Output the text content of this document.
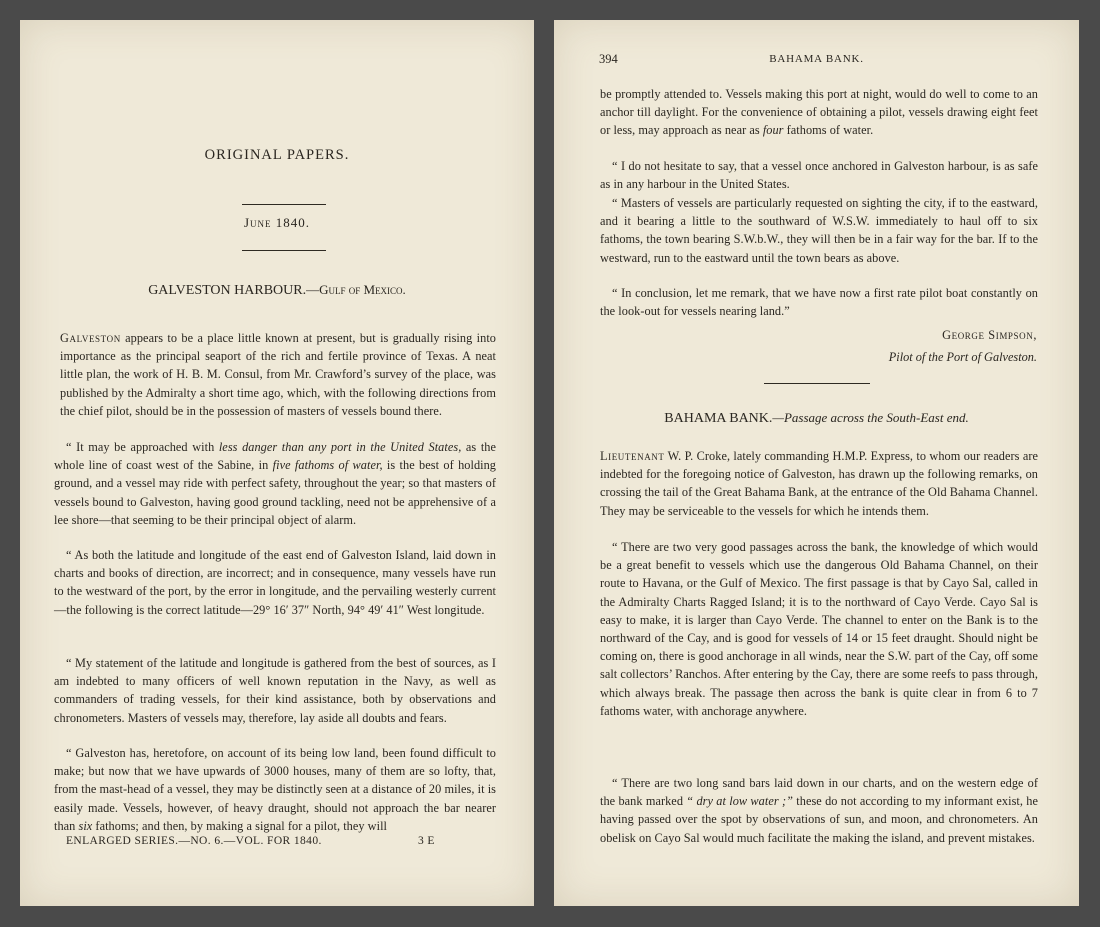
ORIGINAL PAPERS.
June 1840.
GALVESTON HARBOUR.—Gulf of Mexico.

Galveston appears to be a place little known at present, but is gradually rising into importance as the principal seaport of the rich and fertile province of Texas. A neat little plan, the work of H. B. M. Consul, from Mr. Crawford’s survey of the place, was published by the Admiralty a short time ago, which, with the following directions from the chief pilot, should be in the possession of masters of vessels bound there.

“ It may be approached with less danger than any port in the United States, as the whole line of coast west of the Sabine, in five fathoms of water, is the best of holding ground, and a vessel may ride with perfect safety, throughout the year; so that masters of vessels bound to Galveston, having good ground tackling, need not be apprehensive of a lee shore—that seeming to be their principal object of alarm.

“ As both the latitude and longitude of the east end of Galveston Island, laid down in charts and books of direction, are incorrect; and in consequence, many vessels have run to the westward of the port, by the error in longitude, and the pervailing westerly current—the following is the correct latitude—29° 16′ 37″ North, 94° 49′ 41″ West longitude.

“ My statement of the latitude and longitude is gathered from the best of sources, as I am indebted to many officers of well known reputation in the Navy, as well as commanders of trading vessels, for their kind assistance, both by observations and chronometers. Masters of vessels may, therefore, lay aside all doubts and fears.

“ Galveston has, heretofore, on account of its being low land, been found difficult to make; but now that we have upwards of 3000 houses, many of them are so lofty, that, from the mast-head of a vessel, they may be distinctly seen at a distance of 20 miles, it is easily made. Vessels, however, of heavy draught, should not approach the bar nearer than six fathoms; and then, by making a signal for a pilot, they will

ENLARGED SERIES.—NO. 6.—VOL. FOR 1840.	3 E
394	BAHAMA BANK.

be promptly attended to. Vessels making this port at night, would do well to come to an anchor till daylight. For the convenience of obtaining a pilot, vessels drawing eight feet or less, may approach as near as four fathoms of water.

“ I do not hesitate to say, that a vessel once anchored in Galveston harbour, is as safe as in any harbour in the United States.

“ Masters of vessels are particularly requested on sighting the city, if to the eastward, and it bearing a little to the southward of W.S.W. immediately to haul off to six fathoms, the town bearing S.W.b.W., they will then be in a fair way for the bar. If to the westward, run to the eastward until the town bears as above.

“ In conclusion, let me remark, that we have now a first rate pilot boat constantly on the look-out for vessels nearing land.”

George Simpson,
Pilot of the Port of Galveston.
BAHAMA BANK.—Passage across the South-East end.

Lieutenant W. P. Croke, lately commanding H.M.P. Express, to whom our readers are indebted for the foregoing notice of Galveston, has drawn up the following remarks, on crossing the tail of the Great Bahama Bank, at the entrance of the Old Bahama Channel. They may be serviceable to the vessels for which he intends them.

“ There are two very good passages across the bank, the knowledge of which would be a great benefit to vessels which use the dangerous Old Bahama Channel, on their route to Havana, or the Gulf of Mexico. The first passage is that by Cayo Sal, called in the Admiralty Charts Ragged Island; it is to the northward of Cayo Verde. Cayo Sal is easy to make, it is larger than Cayo Verde. The channel to enter on the Bank is to the northward of the Cay, and is good for vessels of 14 or 15 feet draught. Should night be coming on, there is good anchorage in all winds, near the S.W. part of the Cay, off some salt collectors’ Ranchos. After entering by the Cay, there are some reefs to pass through, which always break. The passage then across the bank is quite clear in from 6 to 7 fathoms water, with anchorage anywhere.

“ There are two long sand bars laid down in our charts, and on the western edge of the bank marked “ dry at low water ;” these do not according to my informant exist, he having passed over the spot by observations of sun, and moon, and chronometers. An obelisk on Cayo Sal would much facilitate the making the island, and prevent mistakes.
